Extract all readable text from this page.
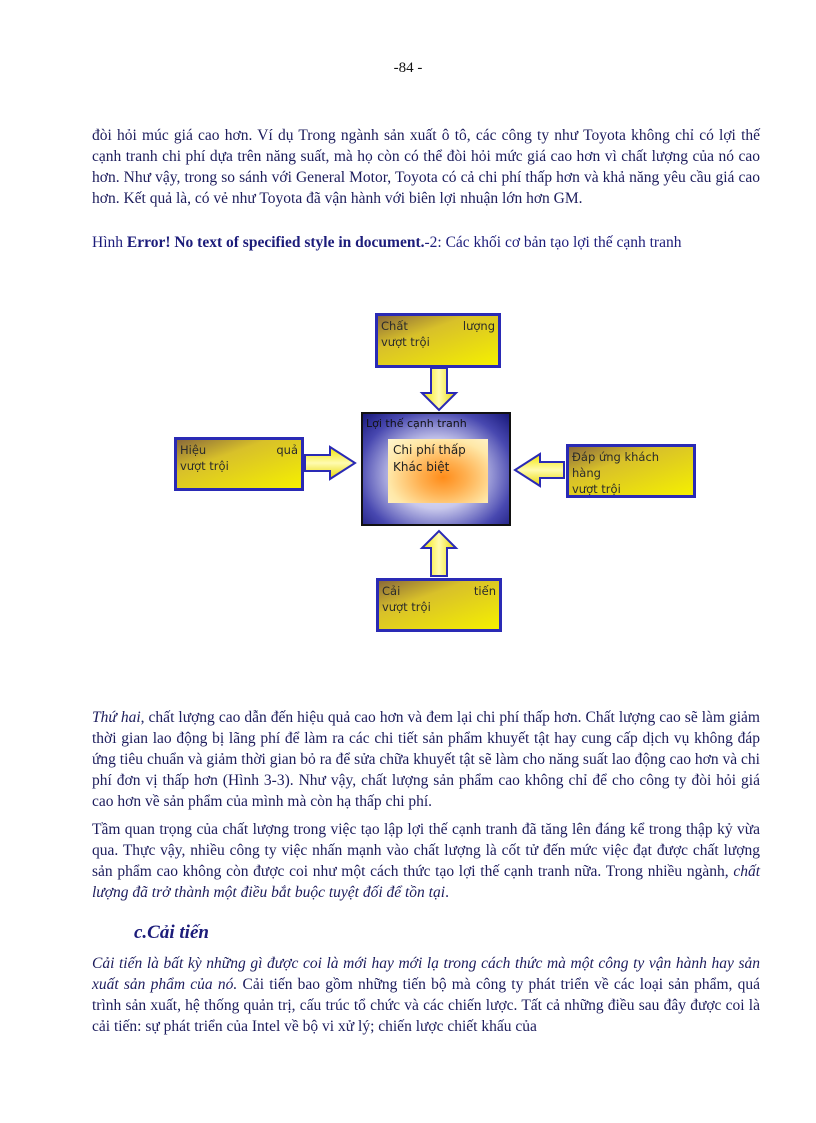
-84 -

đòi hỏi múc giá cao hơn. Ví dụ Trong ngành sản xuất ô tô, các công ty như Toyota không chỉ có lợi thế cạnh tranh chi phí dựa trên năng suất, mà họ còn có thể đòi hỏi mức giá cao hơn vì chất lượng của nó cao hơn. Như vậy, trong so sánh với General Motor, Toyota có cả chi phí thấp hơn và khả năng yêu cầu giá cao hơn. Kết quả là, có vẻ như Toyota đã vận hành với biên lợi nhuận lớn hơn GM.

Hình Error! No text of specified style in document.-2: Các khối cơ bản tạo lợi thế cạnh tranh
Chất	lượng
vượt trội
Hiệu	quả
vượt trội
Đáp ứng khách hàng
vượt trội
Cải	tiến
vượt trội
Lợi thế cạnh tranh
Chi phí thấp
Khác biệt

Thứ hai, chất lượng cao dẫn đến hiệu quả cao hơn và đem lại chi phí thấp hơn. Chất lượng cao sẽ làm giảm thời gian lao động bị lãng phí để làm ra các chi tiết sản phẩm khuyết tật hay cung cấp dịch vụ không đáp ứng tiêu chuẩn và giảm thời gian bỏ ra để sửa chữa khuyết tật sẽ làm cho năng suất lao động cao hơn và chi phí đơn vị thấp hơn (Hình 3-3). Như vậy, chất lượng sản phẩm cao không chỉ để cho công ty đòi hỏi giá cao hơn về sản phẩm của mình mà còn hạ thấp chi phí.

Tầm quan trọng của chất lượng trong việc tạo lập lợi thế cạnh tranh đã tăng lên đáng kể trong thập kỷ vừa qua. Thực vậy, nhiều công ty việc nhấn mạnh vào chất lượng là cốt tử đến mức việc đạt được chất lượng sản phẩm cao không còn được coi như một cách thức tạo lợi thế cạnh tranh nữa. Trong nhiều ngành, chất lượng đã trở thành một điều bắt buộc tuyệt đối để tồn tại.

c.Cải tiến

Cải tiến là bất kỳ những gì được coi là mới hay mới lạ trong cách thức mà một công ty vận hành hay sản xuất sản phẩm của nó. Cải tiến bao gồm những tiến bộ mà công ty phát triển về các loại sản phẩm, quá trình sản xuất, hệ thống quản trị, cấu trúc tổ chức và các chiến lược. Tất cả những điều sau đây được coi là cải tiến: sự phát triển của Intel về bộ vi xử lý; chiến lược chiết khấu của
